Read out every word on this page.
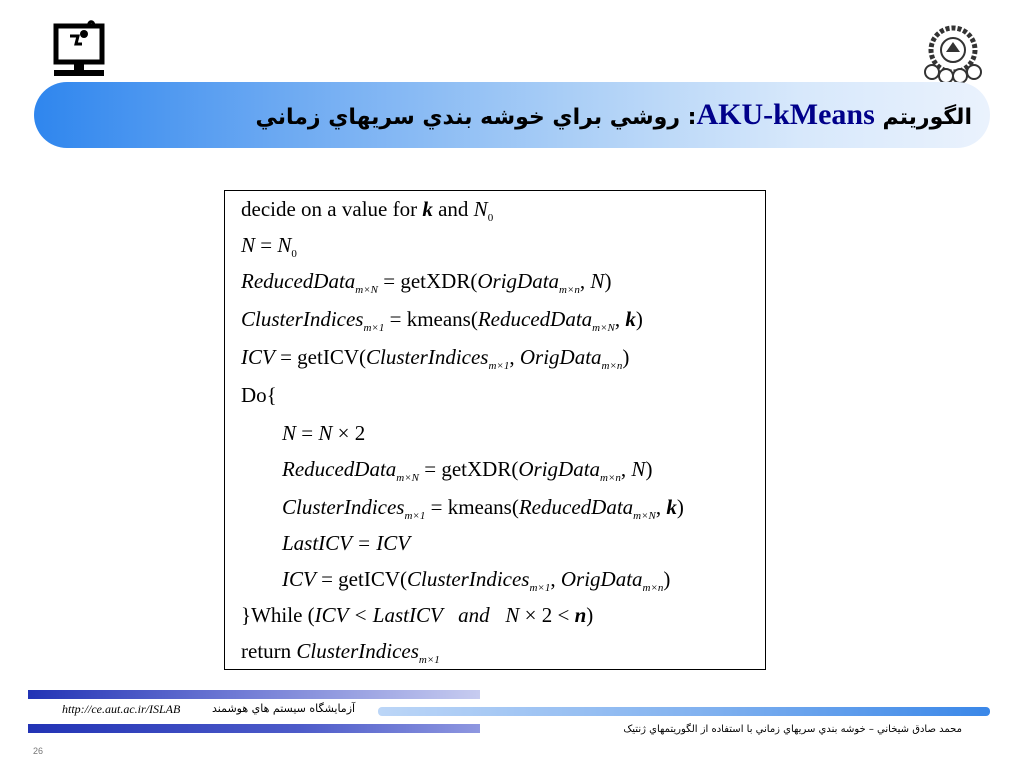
الگوريتم AKU-kMeans: روشي براي خوشه بندي سريهاي زماني
decide on a value for k and $N_0$
$N = N_0$
ReducedData$_{m\times N}$ = getXDR(OrigData$_{m\times n}$, N)
ClusterIndices$_{m\times 1}$ = kmeans(ReducedData$_{m\times N}$, k)
ICV = getICV(ClusterIndices$_{m\times 1}$, OrigData$_{m\times n}$)
Do{
N = N × 2
ReducedData$_{m\times N}$ = getXDR(OrigData$_{m\times n}$, N)
ClusterIndices$_{m\times 1}$ = kmeans(ReducedData$_{m\times N}$, k)
LastICV = ICV
ICV = getICV(ClusterIndices$_{m\times 1}$, OrigData$_{m\times n}$)
}While (ICV < LastICV   and   N × 2 < n)
return ClusterIndices$_{m\times 1}$
http://ce.aut.ac.ir/ISLAB	آزمايشگاه سيستم هاي هوشمند
محمد صادق شيخاني – خوشه بندي سريهاي زماني با استفاده از الگوريتمهاي ژنتيک
26
